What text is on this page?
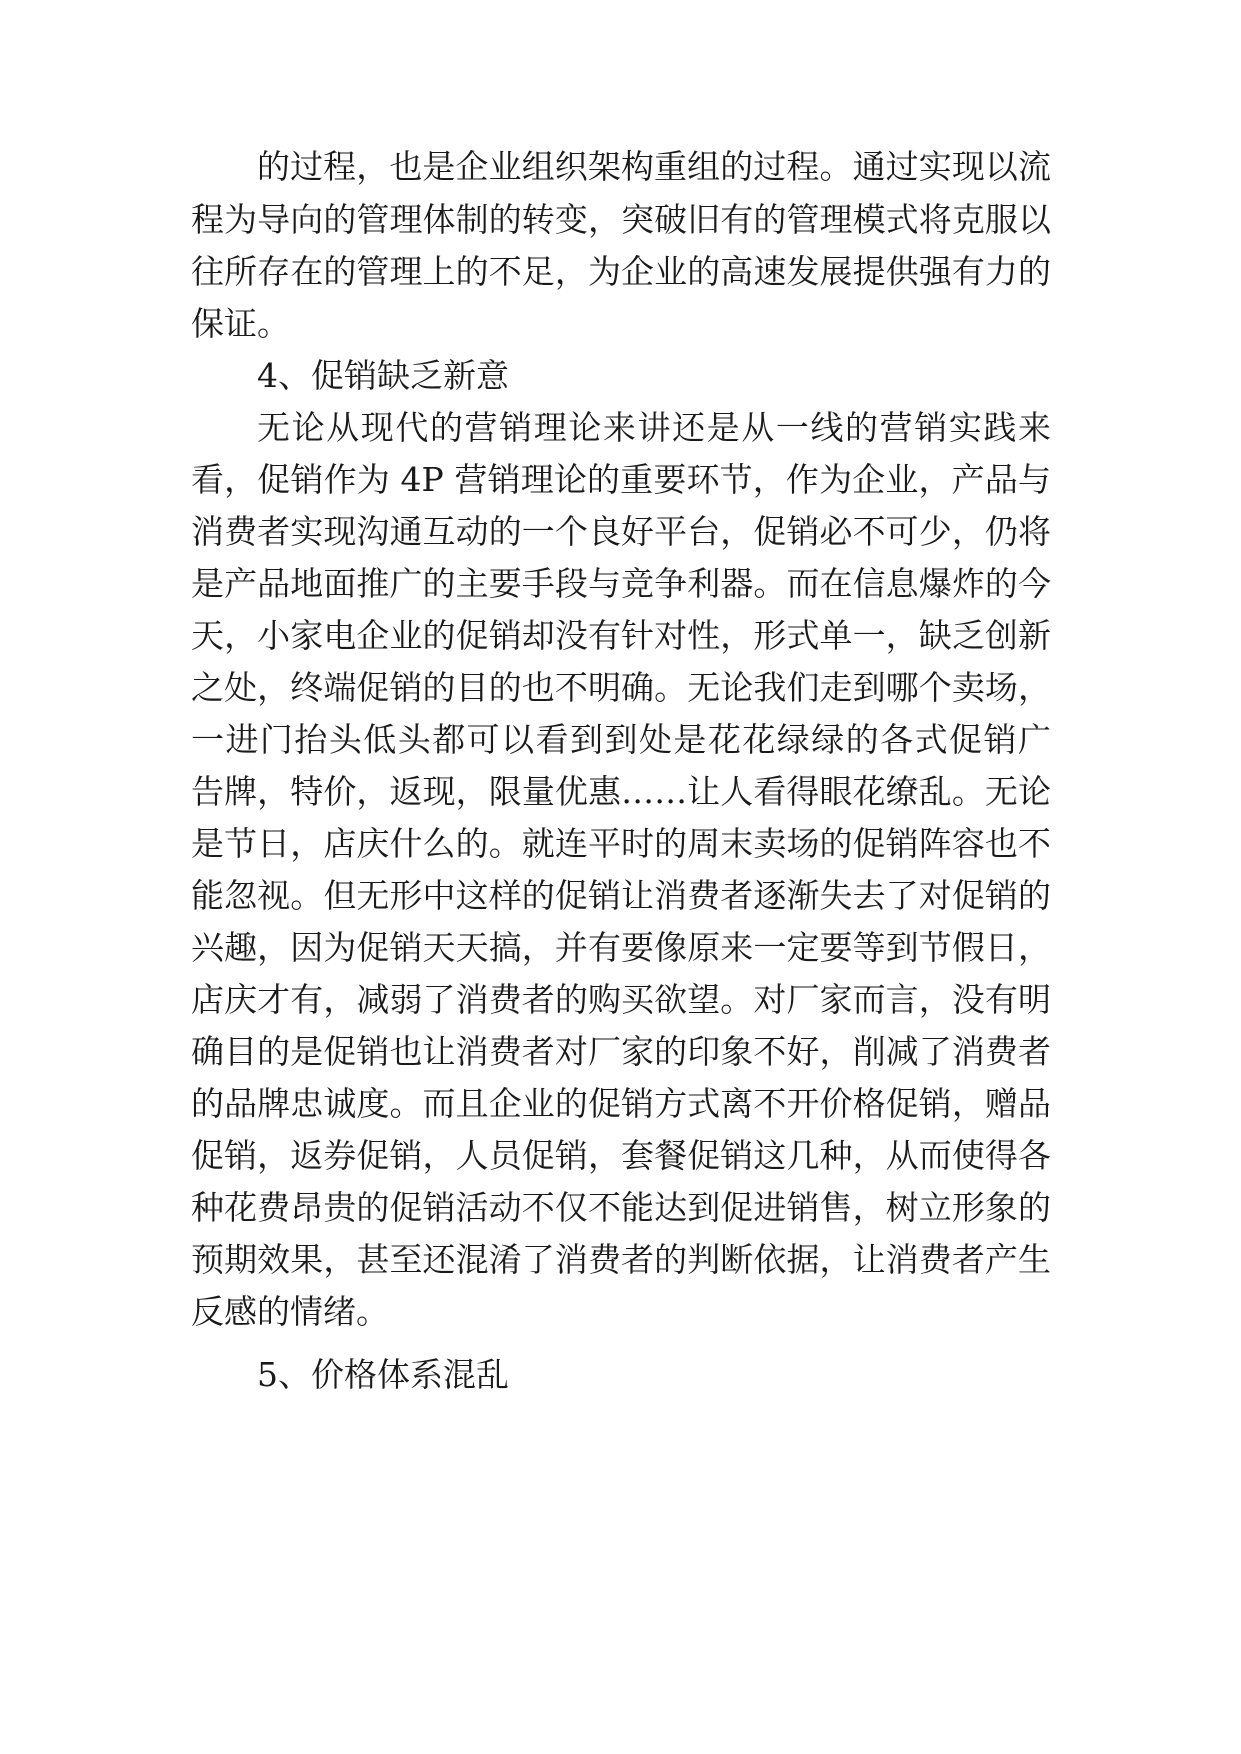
的过程，也是企业组织架构重组的过程。通过实现以流
程为导向的管理体制的转变，突破旧有的管理模式将克服以
往所存在的管理上的不足，为企业的高速发展提供强有力的
保证。
4、促销缺乏新意
无论从现代的营销理论来讲还是从一线的营销实践来
看，促销作为 4P 营销理论的重要环节，作为企业，产品与
消费者实现沟通互动的一个良好平台，促销必不可少，仍将
是产品地面推广的主要手段与竞争利器。而在信息爆炸的今
天，小家电企业的促销却没有针对性，形式单一，缺乏创新
之处，终端促销的目的也不明确。无论我们走到哪个卖场，
一进门抬头低头都可以看到到处是花花绿绿的各式促销广
告牌，特价，返现，限量优惠……让人看得眼花缭乱。无论
是节日，店庆什么的。就连平时的周末卖场的促销阵容也不
能忽视。但无形中这样的促销让消费者逐渐失去了对促销的
兴趣，因为促销天天搞，并有要像原来一定要等到节假日，
店庆才有，减弱了消费者的购买欲望。对厂家而言，没有明
确目的是促销也让消费者对厂家的印象不好，削减了消费者
的品牌忠诚度。而且企业的促销方式离不开价格促销，赠品
促销，返券促销，人员促销，套餐促销这几种，从而使得各
种花费昂贵的促销活动不仅不能达到促进销售，树立形象的
预期效果，甚至还混淆了消费者的判断依据，让消费者产生
反感的情绪。
5、价格体系混乱
